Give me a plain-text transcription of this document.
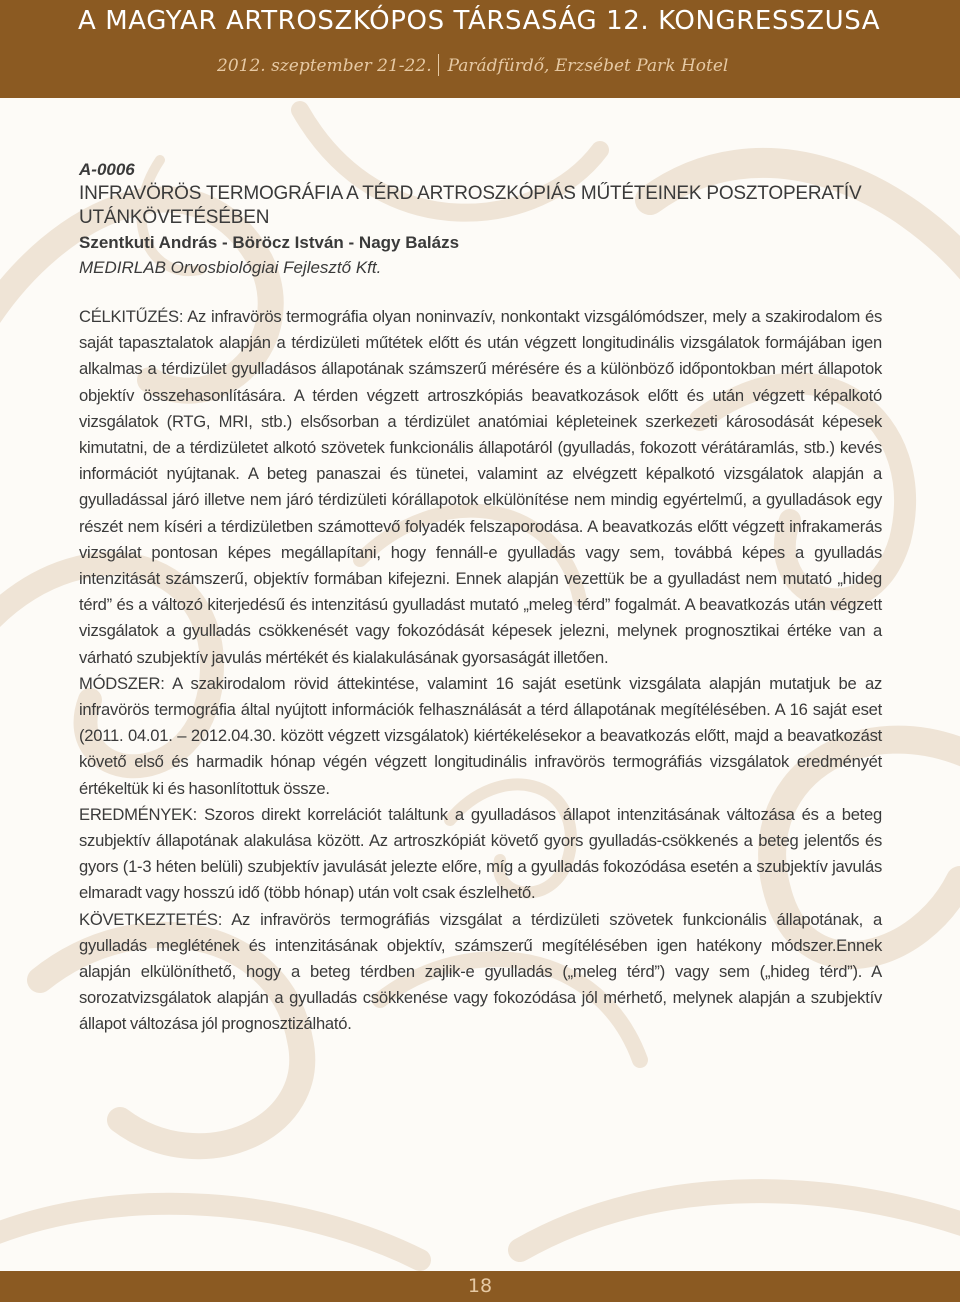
A MAGYAR ARTROSZKÓPOS TÁRSASÁG 12. KONGRESSZUSA
2012. szeptember 21-22. Parádfürdő, Erzsébet Park Hotel
A-0006
INFRAVÖRÖS TERMOGRÁFIA A TÉRD ARTROSZKÓPIÁS MŰTÉTEINEK POSZTOPERATÍV UTÁNKÖVETÉSÉBEN
Szentkuti András - Böröcz István - Nagy Balázs
MEDIRLAB Orvosbiológiai Fejlesztő Kft.

CÉLKITŰZÉS: Az infravörös termográfia olyan noninvazív, nonkontakt vizsgálómódszer, mely a szakirodalom és saját tapasztalatok alapján a térdizületi műtétek előtt és után végzett longitudinális vizsgálatok formájában igen alkalmas a térdizület gyulladásos állapotának számszerű mérésére és a különböző időpontokban mért állapotok objektív összehasonlítására. A térden végzett artroszkópiás beavatkozások előtt és után végzett képalkotó vizsgálatok (RTG, MRI, stb.) elsősorban a térdizület anatómiai képleteinek szerkezeti károsodását képesek kimutatni, de a térdizületet alkotó szövetek funkcionális állapotáról (gyulladás, fokozott vérátáramlás, stb.) kevés információt nyújtanak. A beteg panaszai és tünetei, valamint az elvégzett képalkotó vizsgálatok alapján a gyulladással járó illetve nem járó térdizületi kórállapotok elkülönítése nem mindig egyértelmű, a gyulladások egy részét nem kíséri a térdizületben számottevő folyadék felszaporodása. A beavatkozás előtt végzett infrakamerás vizsgálat pontosan képes megállapítani, hogy fennáll-e gyulladás vagy sem, továbbá képes a gyulladás intenzitását számszerű, objektív formában kifejezni. Ennek alapján vezettük be a gyulladást nem mutató „hideg térd” és a változó kiterjedésű és intenzitású gyulladást mutató „meleg térd” fogalmát. A beavatkozás után végzett vizsgálatok a gyulladás csökkenését vagy fokozódását képesek jelezni, melynek prognosztikai értéke van a várható szubjektív javulás mértékét és kialakulásának gyorsaságát illetően.

MÓDSZER: A szakirodalom rövid áttekintése, valamint 16 saját esetünk vizsgálata alapján mutatjuk be az infravörös termográfia által nyújtott információk felhasználását a térd állapotának megítélésében. A 16 saját eset (2011. 04.01. – 2012.04.30. között végzett vizsgálatok) kiértékelésekor a beavatkozás előtt, majd a beavatkozást követő első és harmadik hónap végén végzett longitudinális infravörös termográfiás vizsgálatok eredményét értékeltük ki és hasonlítottuk össze.

EREDMÉNYEK: Szoros direkt korrelációt találtunk a gyulladásos állapot intenzitásának változása és a beteg szubjektív állapotának alakulása között. Az artroszkópiát követő gyors gyulladás-csökkenés a beteg jelentős és gyors (1-3 héten belüli) szubjektív javulását jelezte előre, míg a gyulladás fokozódása esetén a szubjektív javulás elmaradt vagy hosszú idő (több hónap) után volt csak észlelhető.

KÖVETKEZTETÉS: Az infravörös termográfiás vizsgálat a térdizületi szövetek funkcionális állapotának, a gyulladás meglétének és intenzitásának objektív, számszerű megítélésében igen hatékony módszer.Ennek alapján elkülöníthető, hogy a beteg térdben zajlik-e gyulladás („meleg térd”) vagy sem („hideg térd”). A sorozatvizsgálatok alapján a gyulladás csökkenése vagy fokozódása jól mérhető, melynek alapján a szubjektív állapot változása jól prognosztizálható.

18
